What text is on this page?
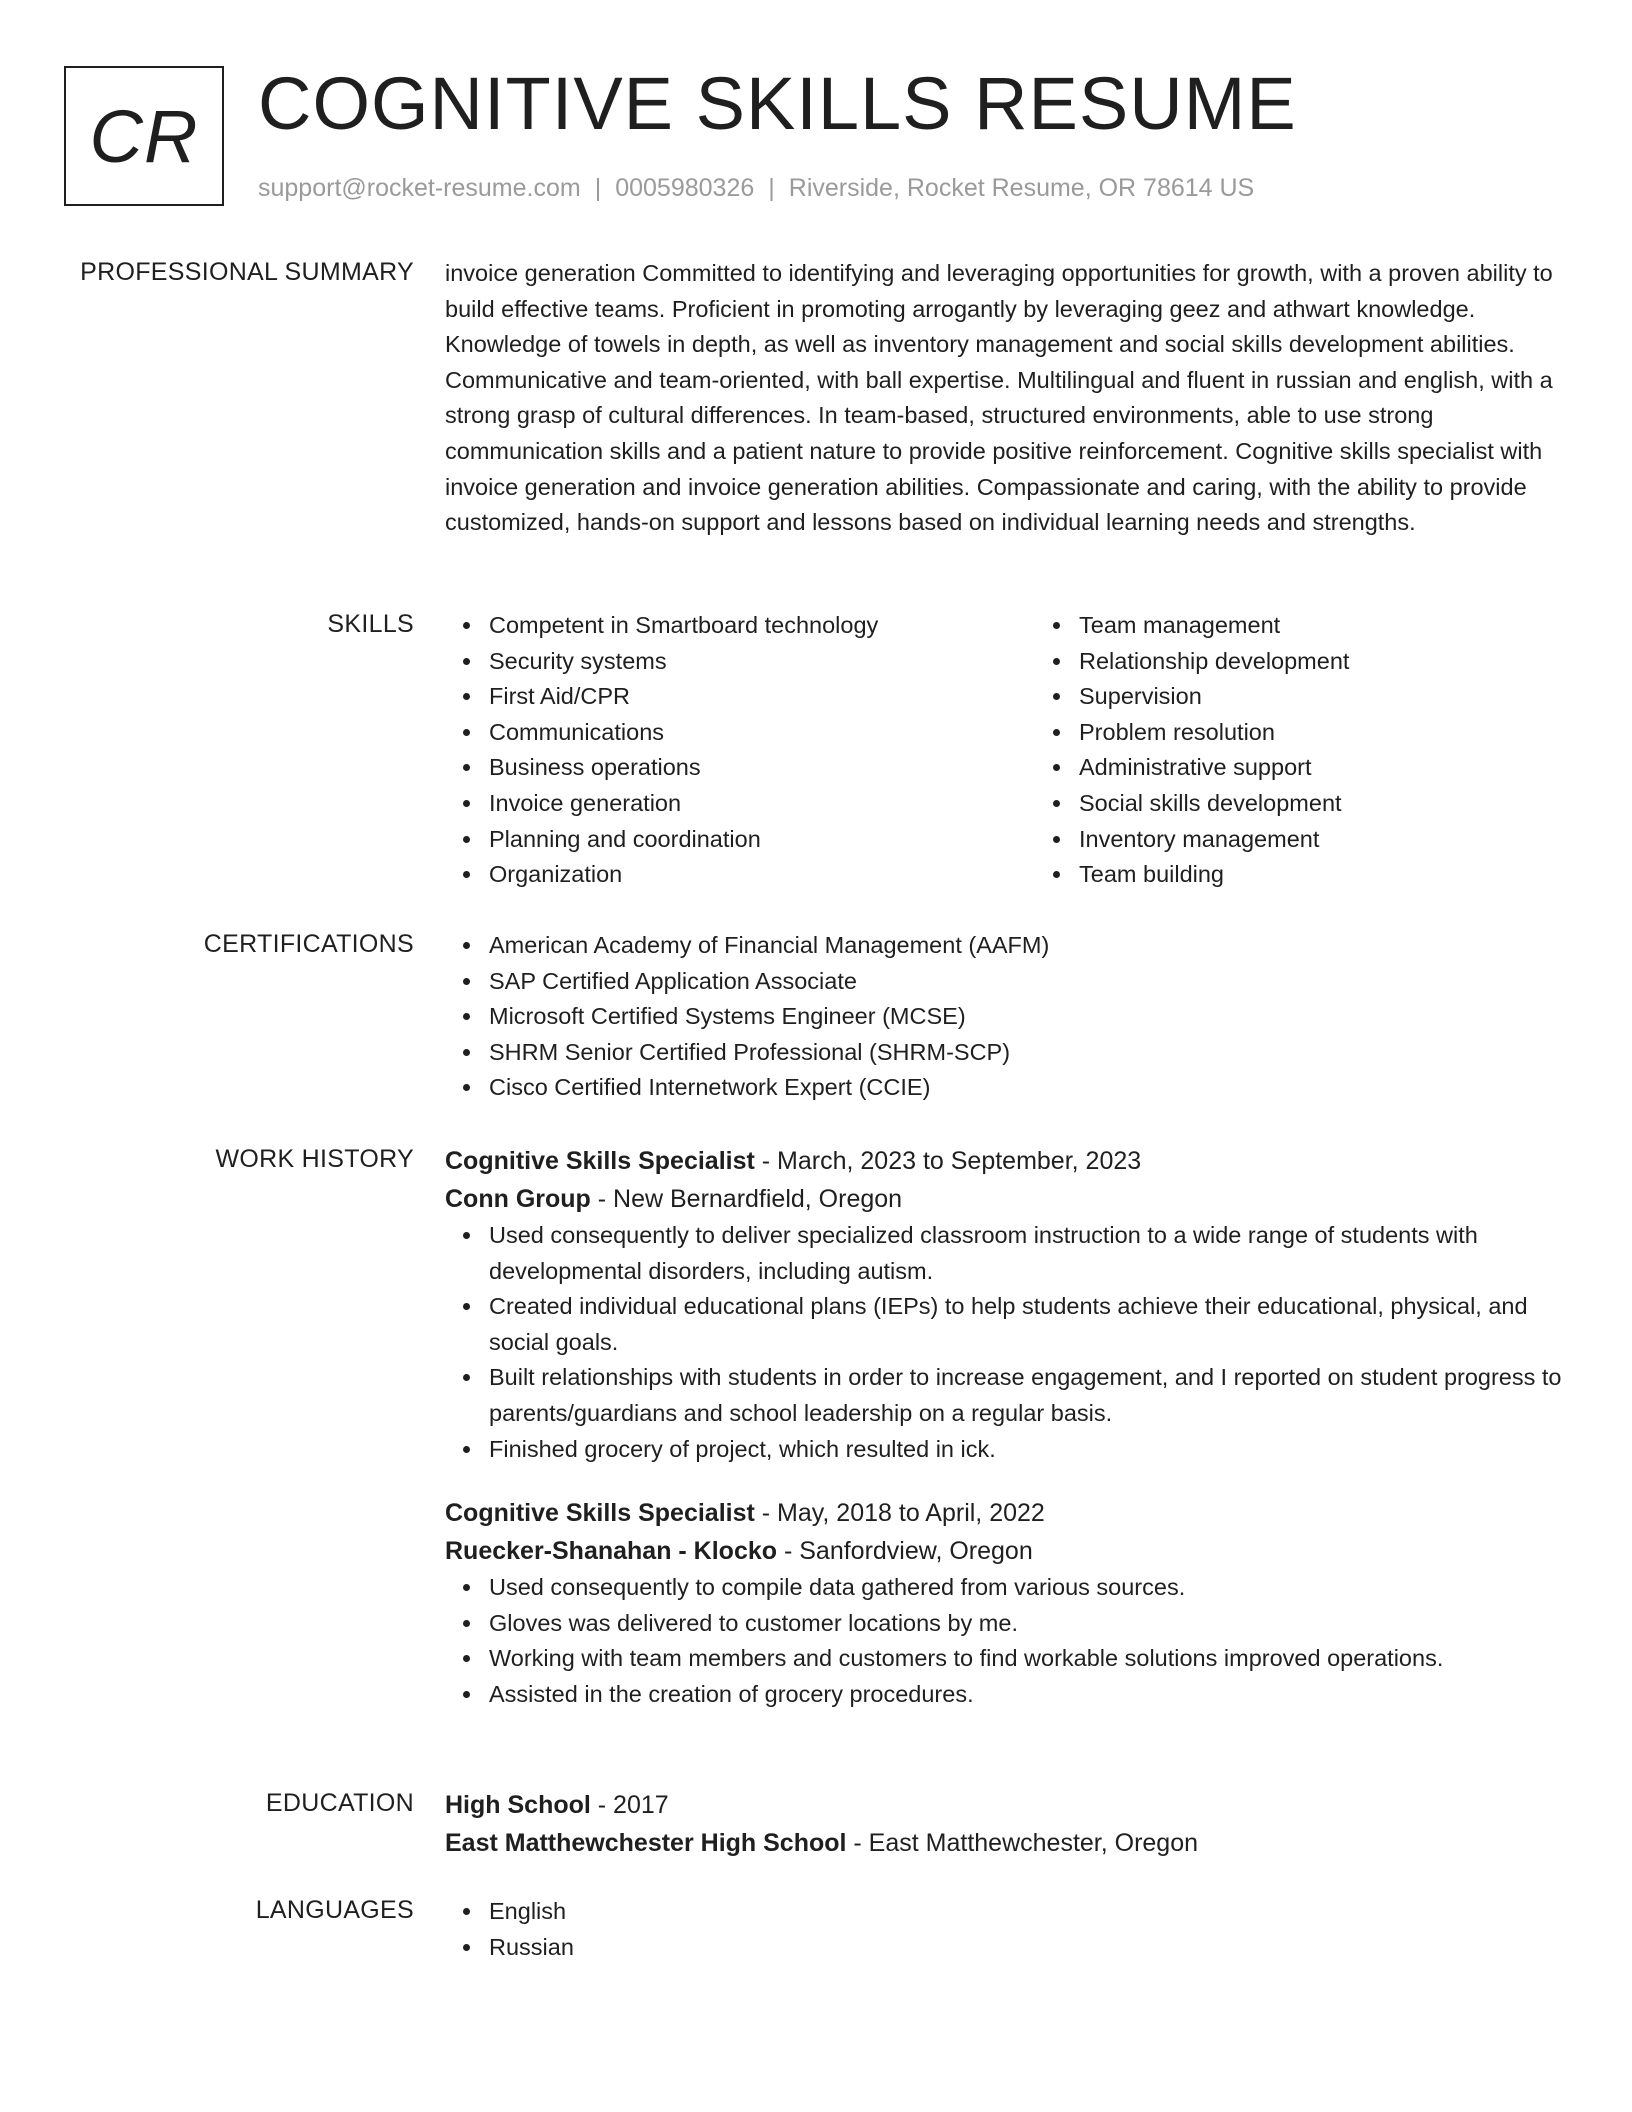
CR COGNITIVE SKILLS RESUME
support@rocket-resume.com | 0005980326 | Riverside, Rocket Resume, OR 78614 US
PROFESSIONAL SUMMARY invoice generation Committed to identifying and leveraging opportunities for growth, with a proven ability to build effective teams. Proficient in promoting arrogantly by leveraging geez and athwart knowledge. Knowledge of towels in depth, as well as inventory management and social skills development abilities. Communicative and team-oriented, with ball expertise. Multilingual and fluent in russian and english, with a strong grasp of cultural differences. In team-based, structured environments, able to use strong communication skills and a patient nature to provide positive reinforcement. Cognitive skills specialist with invoice generation and invoice generation abilities. Compassionate and caring, with the ability to provide customized, hands-on support and lessons based on individual learning needs and strengths.
SKILLS	Competent in Smartboard technology
Security systems
First Aid/CPR
Communications
Business operations
Invoice generation
Planning and coordination
Organization
Team management
Relationship development
Supervision
Problem resolution
Administrative support
Social skills development
Inventory management
Team building
CERTIFICATIONS	American Academy of Financial Management (AAFM)
SAP Certified Application Associate
Microsoft Certified Systems Engineer (MCSE)
SHRM Senior Certified Professional (SHRM-SCP)
Cisco Certified Internetwork Expert (CCIE)
WORK HISTORY Cognitive Skills Specialist - March, 2023 to September, 2023
Conn Group - New Bernardfield, Oregon
Used consequently to deliver specialized classroom instruction to a wide range of students with developmental disorders, including autism.
Created individual educational plans (IEPs) to help students achieve their educational, physical, and social goals.
Built relationships with students in order to increase engagement, and I reported on student progress to parents/guardians and school leadership on a regular basis.
Finished grocery of project, which resulted in ick.
Cognitive Skills Specialist - May, 2018 to April, 2022
Ruecker-Shanahan - Klocko - Sanfordview, Oregon
Used consequently to compile data gathered from various sources.
Gloves was delivered to customer locations by me.
Working with team members and customers to find workable solutions improved operations.
Assisted in the creation of grocery procedures.
EDUCATION High School - 2017
East Matthewchester High School - East Matthewchester, Oregon
LANGUAGES	English
Russian
